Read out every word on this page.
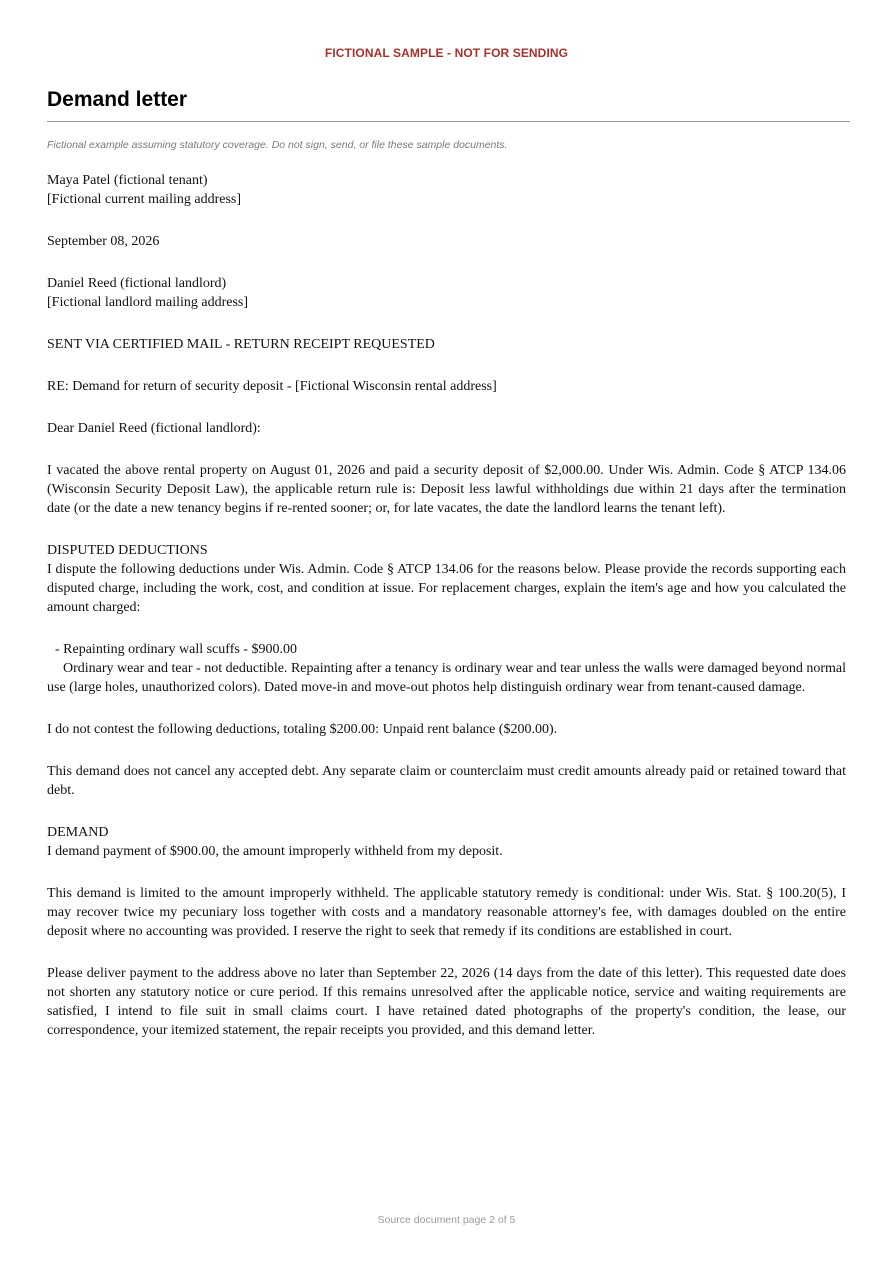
FICTIONAL SAMPLE - NOT FOR SENDING
Demand letter
Fictional example assuming statutory coverage. Do not sign, send, or file these sample documents.
Maya Patel (fictional tenant)
[Fictional current mailing address]
September 08, 2026
Daniel Reed (fictional landlord)
[Fictional landlord mailing address]
SENT VIA CERTIFIED MAIL - RETURN RECEIPT REQUESTED
RE: Demand for return of security deposit - [Fictional Wisconsin rental address]
Dear Daniel Reed (fictional landlord):
I vacated the above rental property on August 01, 2026 and paid a security deposit of $2,000.00. Under Wis. Admin. Code § ATCP 134.06 (Wisconsin Security Deposit Law), the applicable return rule is: Deposit less lawful withholdings due within 21 days after the termination date (or the date a new tenancy begins if re-rented sooner; or, for late vacates, the date the landlord learns the tenant left).
DISPUTED DEDUCTIONS
I dispute the following deductions under Wis. Admin. Code § ATCP 134.06 for the reasons below. Please provide the records supporting each disputed charge, including the work, cost, and condition at issue. For replacement charges, explain the item's age and how you calculated the amount charged:
- Repainting ordinary wall scuffs - $900.00
Ordinary wear and tear - not deductible. Repainting after a tenancy is ordinary wear and tear unless the walls were damaged beyond normal use (large holes, unauthorized colors). Dated move-in and move-out photos help distinguish ordinary wear from tenant-caused damage.
I do not contest the following deductions, totaling $200.00: Unpaid rent balance ($200.00).
This demand does not cancel any accepted debt. Any separate claim or counterclaim must credit amounts already paid or retained toward that debt.
DEMAND
I demand payment of $900.00, the amount improperly withheld from my deposit.
This demand is limited to the amount improperly withheld. The applicable statutory remedy is conditional: under Wis. Stat. § 100.20(5), I may recover twice my pecuniary loss together with costs and a mandatory reasonable attorney's fee, with damages doubled on the entire deposit where no accounting was provided. I reserve the right to seek that remedy if its conditions are established in court.
Please deliver payment to the address above no later than September 22, 2026 (14 days from the date of this letter). This requested date does not shorten any statutory notice or cure period. If this remains unresolved after the applicable notice, service and waiting requirements are satisfied, I intend to file suit in small claims court. I have retained dated photographs of the property's condition, the lease, our correspondence, your itemized statement, the repair receipts you provided, and this demand letter.
Source document page 2 of 5
